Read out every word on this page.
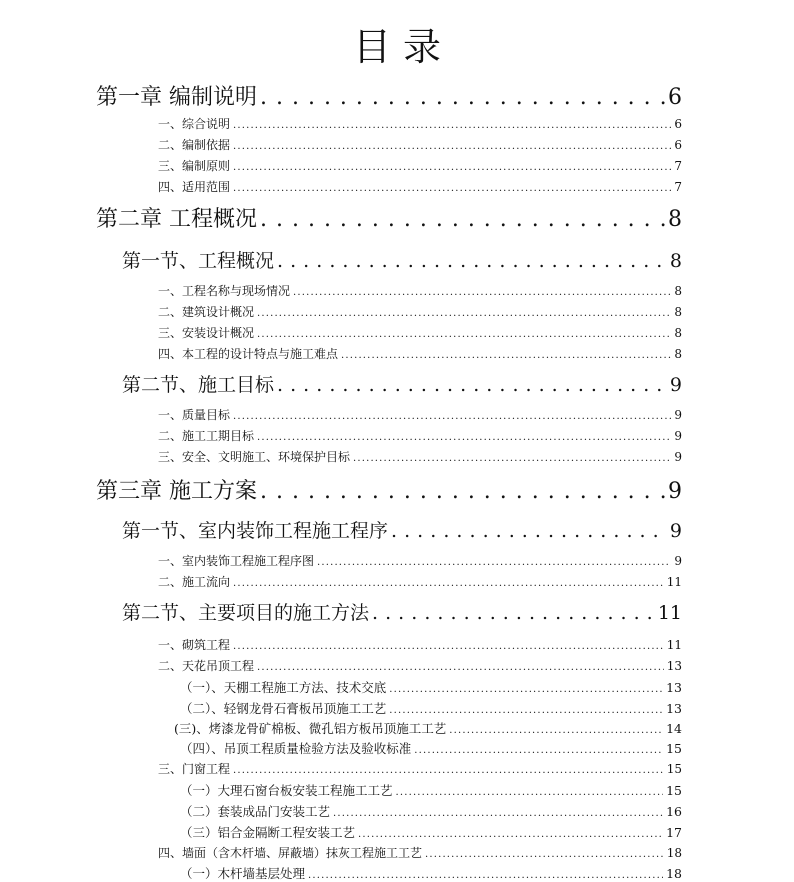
目 录
第一章 编制说明 . . .	6
一、综合说明 . . .	6
二、编制依据 . . .	6
三、编制原则 . . .	7
四、适用范围 . . .	7
第二章 工程概况 . . .	8
第一节、工程概况 . . .	8
一、工程名称与现场情况 . . .	8
二、建筑设计概况 . . .	8
三、安装设计概况 . . .	8
四、本工程的设计特点与施工难点 . . .	8
第二节、施工目标 . . .	9
一、质量目标 . . .	9
二、施工工期目标 . . .	9
三、安全、文明施工、环境保护目标 . . .	9
第三章 施工方案 . . .	9
第一节、室内装饰工程施工程序 . . .	9
一、室内装饰工程施工程序图 . . .	9
二、施工流向 . . .	11
第二节、主要项目的施工方法 . . .	11
一、砌筑工程 . . .	11
二、天花吊顶工程 . . .	13
（一）、天棚工程施工方法、技术交底 . . .	13
（二）、轻钢龙骨石膏板吊顶施工工艺 . . .	13
(三)、烤漆龙骨矿棉板、微孔铝方板吊顶施工工艺 . . .	14
（四）、吊顶工程质量检验方法及验收标准 . . .	15
三、门窗工程 . . .	15
（一）大理石窗台板安装工程施工工艺 . . .	15
（二）套装成品门安装工艺 . . .	16
（三）铝合金隔断工程安装工艺 . . .	17
四、墙面（含木杆墙、屏蔽墙）抹灰工程施工工艺 . . .	18
（一）木杆墙基层处理 . . .	18
